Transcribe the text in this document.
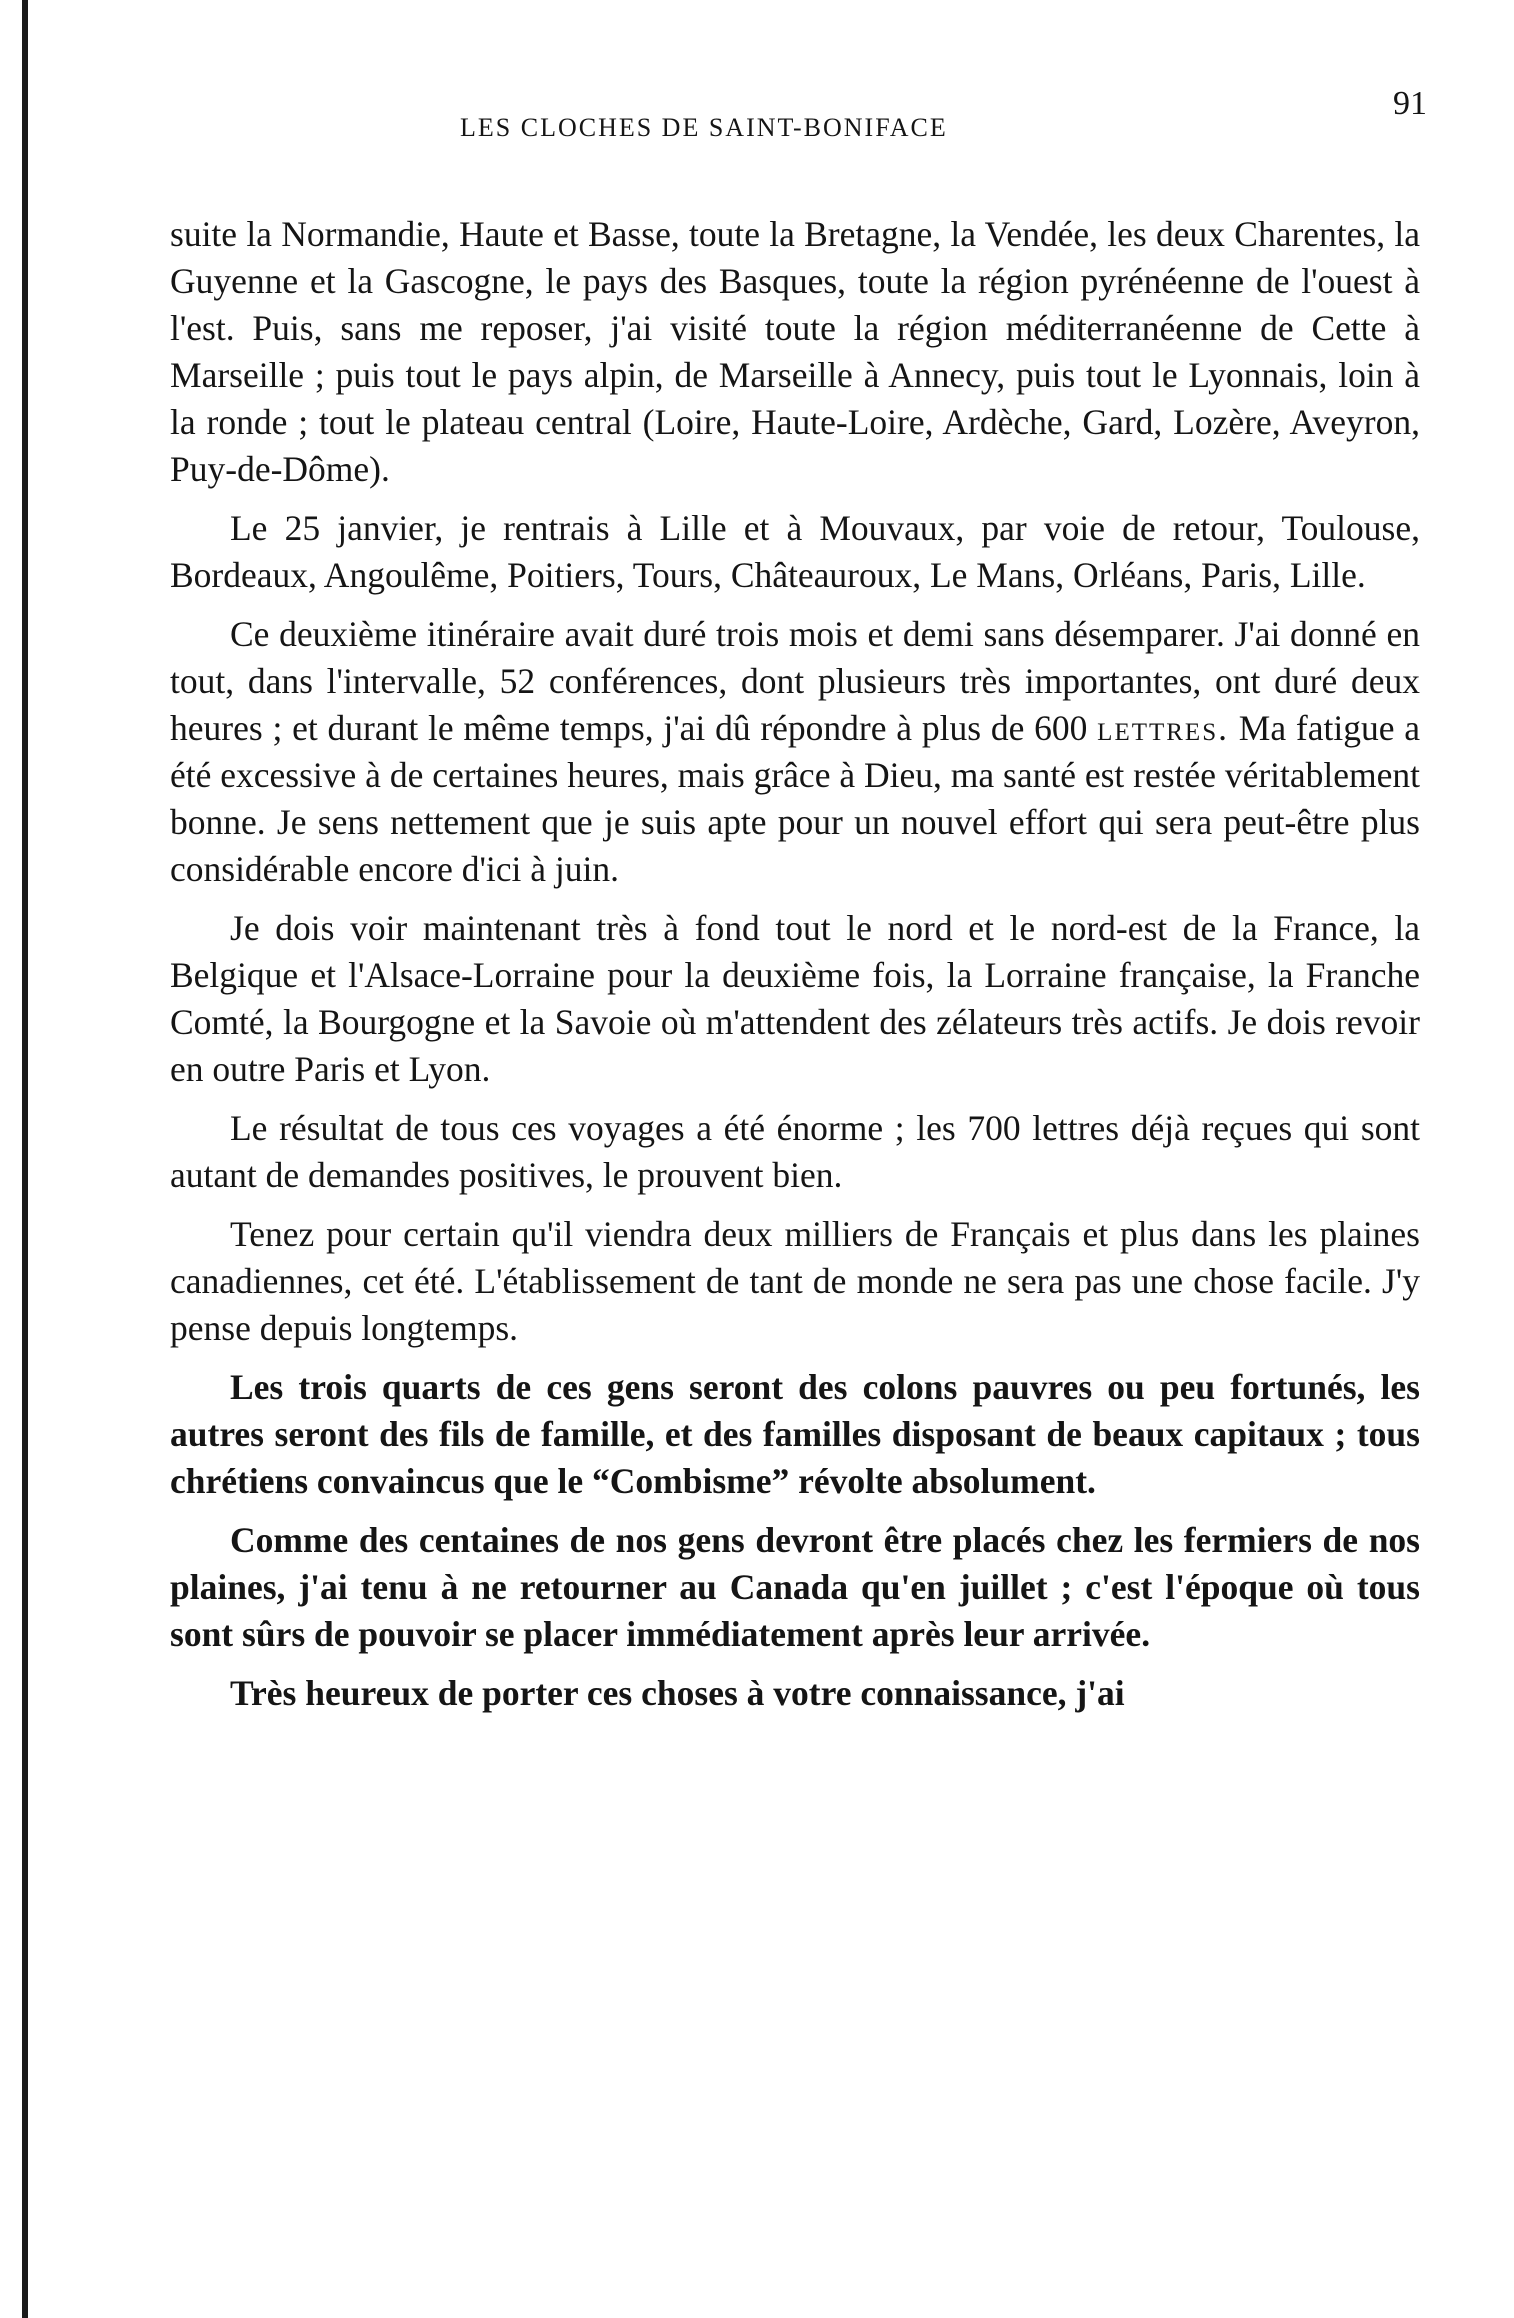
LES CLOCHES DE SAINT-BONIFACE
91

suite la Normandie, Haute et Basse, toute la Bretagne, la Vendée, les deux Charentes, la Guyenne et la Gascogne, le pays des Basques, toute la région pyrénéenne de l'ouest à l'est. Puis, sans me reposer, j'ai visité toute la région méditerranéenne de Cette à Marseille ; puis tout le pays alpin, de Marseille à Annecy, puis tout le Lyonnais, loin à la ronde ; tout le plateau central (Loire, Haute-Loire, Ardèche, Gard, Lozère, Aveyron, Puy-de-Dôme).

Le 25 janvier, je rentrais à Lille et à Mouvaux, par voie de retour, Toulouse, Bordeaux, Angoulême, Poitiers, Tours, Châteauroux, Le Mans, Orléans, Paris, Lille.

Ce deuxième itinéraire avait duré trois mois et demi sans désemparer. J'ai donné en tout, dans l'intervalle, 52 conférences, dont plusieurs très importantes, ont duré deux heures ; et durant le même temps, j'ai dû répondre à plus de 600 lettres. Ma fatigue a été excessive à de certaines heures, mais grâce à Dieu, ma santé est restée véritablement bonne. Je sens nettement que je suis apte pour un nouvel effort qui sera peut-être plus considérable encore d'ici à juin.

Je dois voir maintenant très à fond tout le nord et le nord-est de la France, la Belgique et l'Alsace-Lorraine pour la deuxième fois, la Lorraine française, la Franche Comté, la Bourgogne et la Savoie où m'attendent des zélateurs très actifs. Je dois revoir en outre Paris et Lyon.

Le résultat de tous ces voyages a été énorme ; les 700 lettres déjà reçues qui sont autant de demandes positives, le prouvent bien.

Tenez pour certain qu'il viendra deux milliers de Français et plus dans les plaines canadiennes, cet été. L'établissement de tant de monde ne sera pas une chose facile. J'y pense depuis longtemps.

Les trois quarts de ces gens seront des colons pauvres ou peu fortunés, les autres seront des fils de famille, et des familles disposant de beaux capitaux ; tous chrétiens convaincus que le “Combisme” révolte absolument.

Comme des centaines de nos gens devront être placés chez les fermiers de nos plaines, j'ai tenu à ne retourner au Canada qu'en juillet ; c'est l'époque où tous sont sûrs de pouvoir se placer immédiatement après leur arrivée.

Très heureux de porter ces choses à votre connaissance, j'ai
